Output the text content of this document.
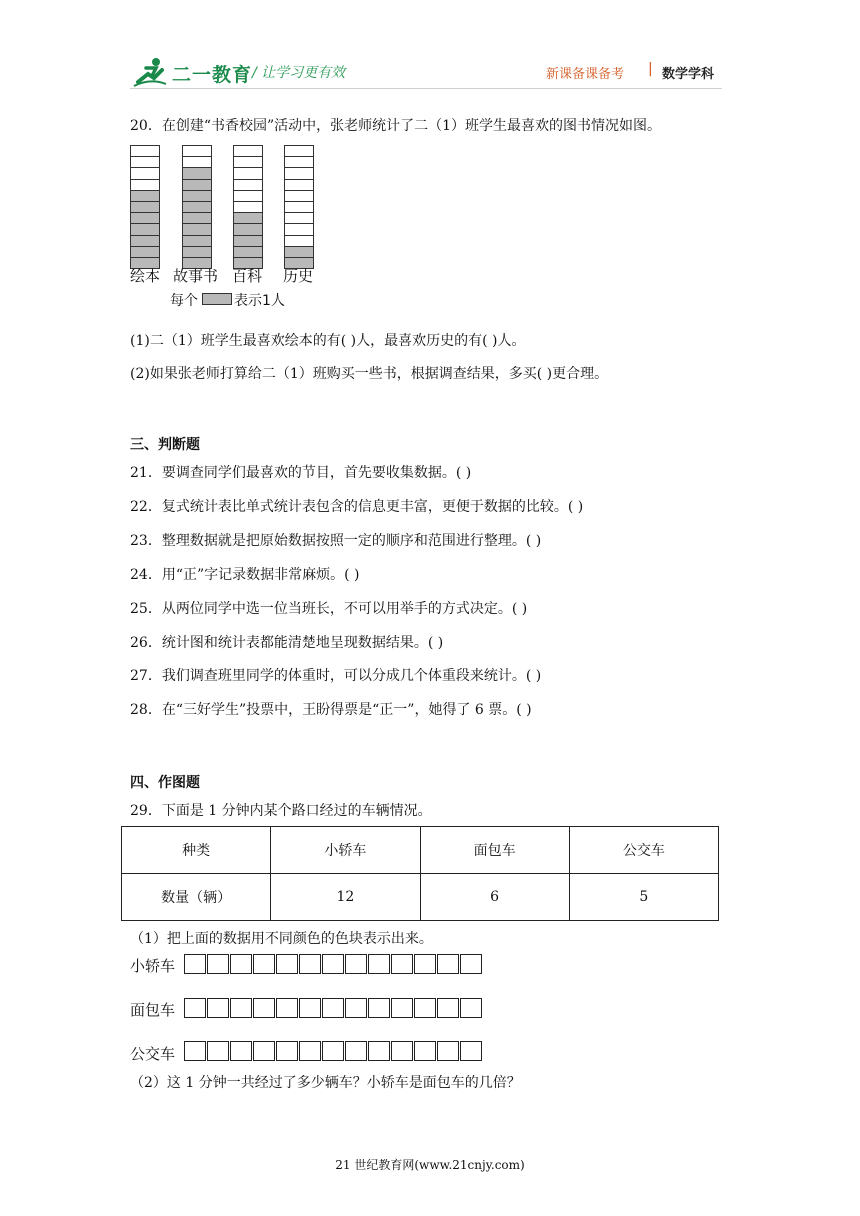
二一教育 / 让学习更有效	新课备课备考 | 数学学科
20．在创建“书香校园”活动中，张老师统计了二（1）班学生最喜欢的图书情况如图。
绘本 故事书 百科 历史
每个	表示1人
(1)二（1）班学生最喜欢绘本的有( )人，最喜欢历史的有( )人。
(2)如果张老师打算给二（1）班购买一些书，根据调查结果，多买( )更合理。
三、判断题
21．要调查同学们最喜欢的节目，首先要收集数据。( )
22．复式统计表比单式统计表包含的信息更丰富，更便于数据的比较。( )
23．整理数据就是把原始数据按照一定的顺序和范围进行整理。( )
24．用“正”字记录数据非常麻烦。( )
25．从两位同学中选一位当班长，不可以用举手的方式决定。( )
26．统计图和统计表都能清楚地呈现数据结果。( )
27．我们调查班里同学的体重时，可以分成几个体重段来统计。( )
28．在“三好学生”投票中，王盼得票是“正一”，她得了 6 票。( )
四、作图题
29．下面是 1 分钟内某个路口经过的车辆情况。
种类	小轿车	面包车	公交车
数量（辆）	12	6	5
（1）把上面的数据用不同颜色的色块表示出来。
小轿车
面包车
公交车
（2）这 1 分钟一共经过了多少辆车？小轿车是面包车的几倍？
21 世纪教育网(www.21cnjy.com)
